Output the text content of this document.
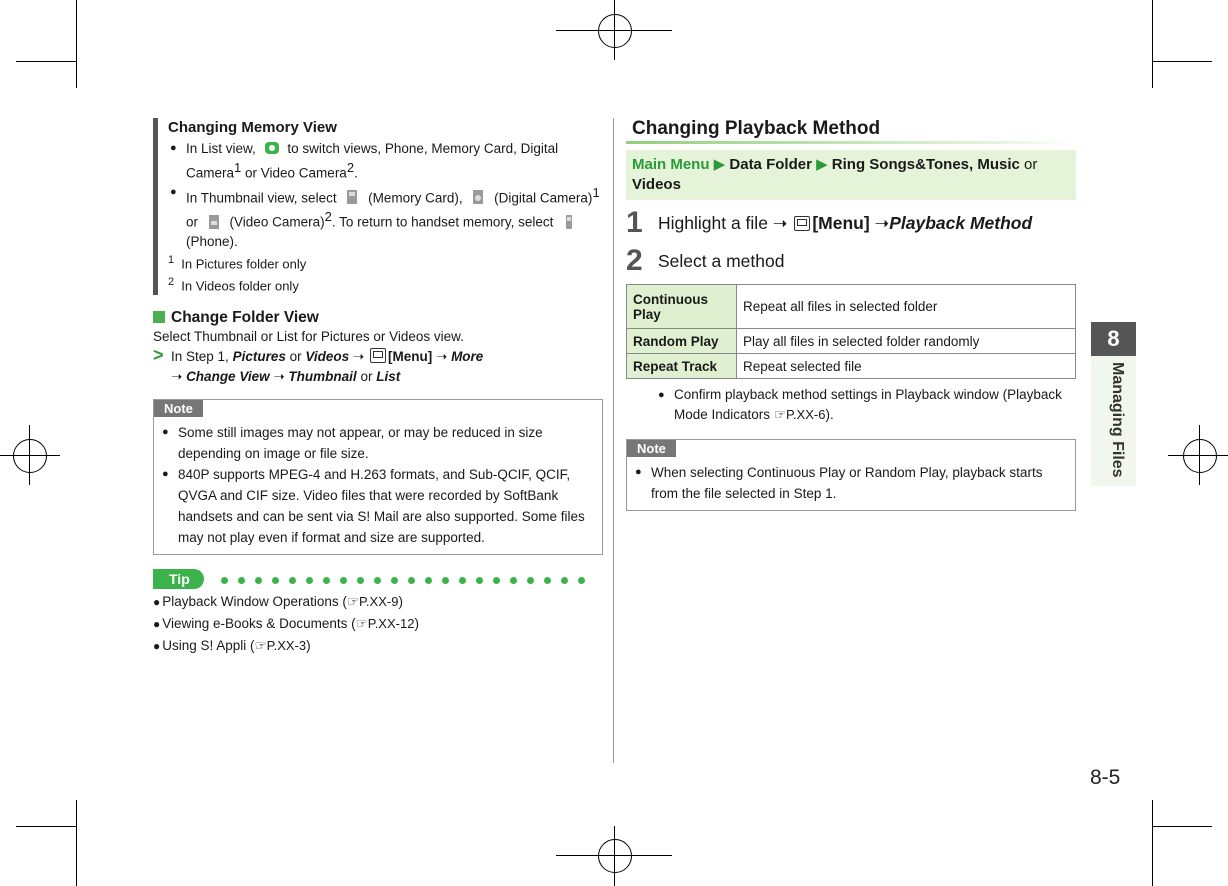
Changing Memory View
● In List view, to switch views, Phone, Memory Card, Digital Camera$^1$ or Video Camera$^2$.
● In Thumbnail view, select (Memory Card), (Digital Camera)$^1$ or (Video Camera)$^2$. To return to handset memory, select  (Phone).
$^1$ In Pictures folder only
$^2$ In Videos folder only
Change Folder View
Select Thumbnail or List for Pictures or Videos view.
> In Step 1, Pictures or Videos ➝ [Menu] ➝ More
➝ Change View ➝ Thumbnail or List
Note
● Some still images may not appear, or may be reduced in size depending on image or file size.
● 840P supports MPEG-4 and H.263 formats, and Sub-QCIF, QCIF, QVGA and CIF size. Video files that were recorded by SoftBank handsets and can be sent via S! Mail are also supported. Some files may not play even if format and size are supported.
Tip
● Playback Window Operations (☞P.XX-9)
● Viewing e-Books & Documents (☞P.XX-12)
● Using S! Appli (☞P.XX-3)
Changing Playback Method
Main Menu ▶ Data Folder ▶ Ring Songs&Tones, Music or
Videos
1 Highlight a file ➝ [Menu] ➝Playback Method
2 Select a method
Continuous Play	Repeat all files in selected folder
Random Play	Play all files in selected folder randomly
Repeat Track	Repeat selected file
● Confirm playback method settings in Playback window (Playback Mode Indicators ☞P.XX-6).
Note
● When selecting Continuous Play or Random Play, playback starts from the file selected in Step 1.
8
Managing Files
8-5
